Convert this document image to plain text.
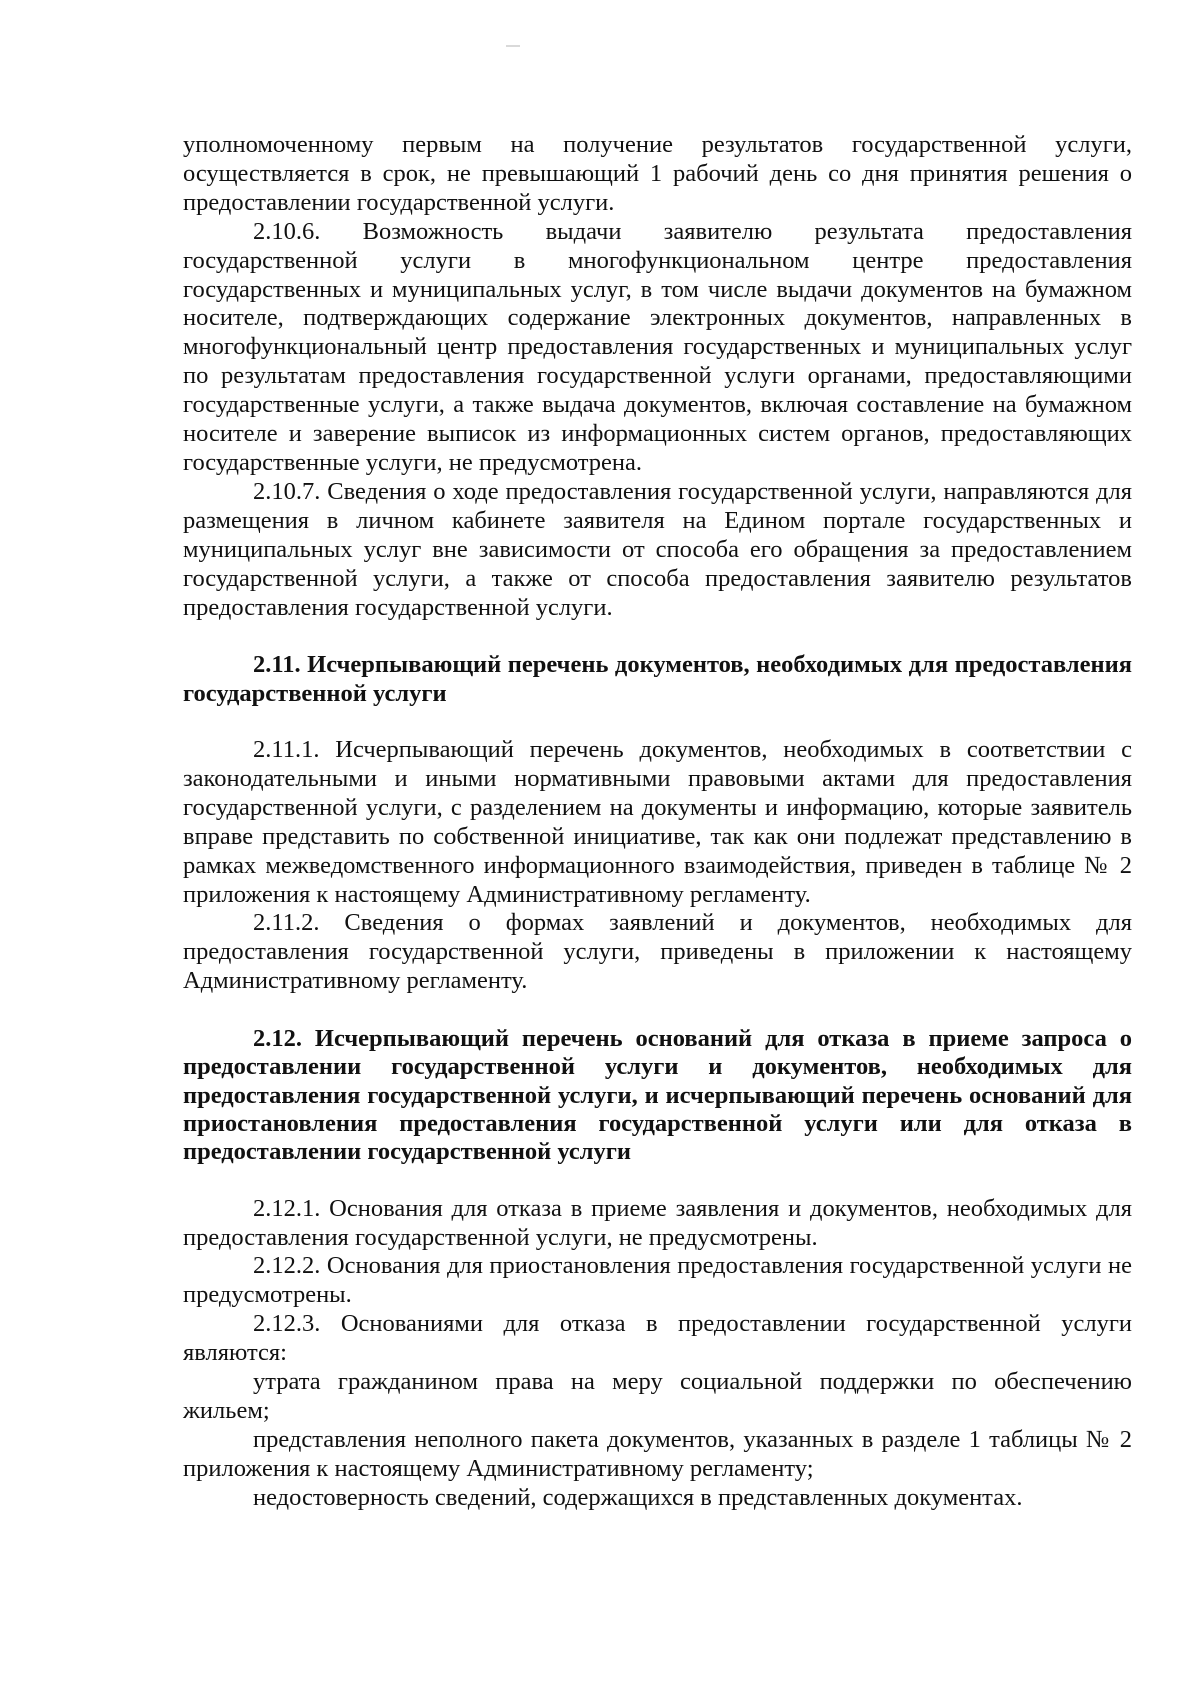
уполномоченному первым на получение результатов государственной услуги, осуществляется в срок, не превышающий 1 рабочий день со дня принятия решения о предоставлении государственной услуги.

2.10.6. Возможность выдачи заявителю результата предоставления государственной услуги в многофункциональном центре предоставления государственных и муниципальных услуг, в том числе выдачи документов на бумажном носителе, подтверждающих содержание электронных документов, направленных в многофункциональный центр предоставления государственных и муниципальных услуг по результатам предоставления государственной услуги органами, предоставляющими государственные услуги, а также выдача документов, включая составление на бумажном носителе и заверение выписок из информационных систем органов, предоставляющих государственные услуги, не предусмотрена.

2.10.7. Сведения о ходе предоставления государственной услуги, направляются для размещения в личном кабинете заявителя на Едином портале государственных и муниципальных услуг вне зависимости от способа его обращения за предоставлением государственной услуги, а также от способа предоставления заявителю результатов предоставления государственной услуги.

2.11. Исчерпывающий перечень документов, необходимых для предоставления государственной услуги

2.11.1. Исчерпывающий перечень документов, необходимых в соответствии с законодательными и иными нормативными правовыми актами для предоставления государственной услуги, с разделением на документы и информацию, которые заявитель вправе представить по собственной инициативе, так как они подлежат представлению в рамках межведомственного информационного взаимодействия, приведен в таблице № 2 приложения к настоящему Административному регламенту.

2.11.2. Сведения о формах заявлений и документов, необходимых для предоставления государственной услуги, приведены в приложении к настоящему Административному регламенту.

2.12. Исчерпывающий перечень оснований для отказа в приеме запроса о предоставлении государственной услуги и документов, необходимых для предоставления государственной услуги, и исчерпывающий перечень оснований для приостановления предоставления государственной услуги или для отказа в предоставлении государственной услуги

2.12.1. Основания для отказа в приеме заявления и документов, необходимых для предоставления государственной услуги, не предусмотрены.

2.12.2. Основания для приостановления предоставления государственной услуги не предусмотрены.

2.12.3. Основаниями для отказа в предоставлении государственной услуги являются:

утрата гражданином права на меру социальной поддержки по обеспечению жильем;

представления неполного пакета документов, указанных в разделе 1 таблицы № 2 приложения к настоящему Административному регламенту;

недостоверность сведений, содержащихся в представленных документах.
